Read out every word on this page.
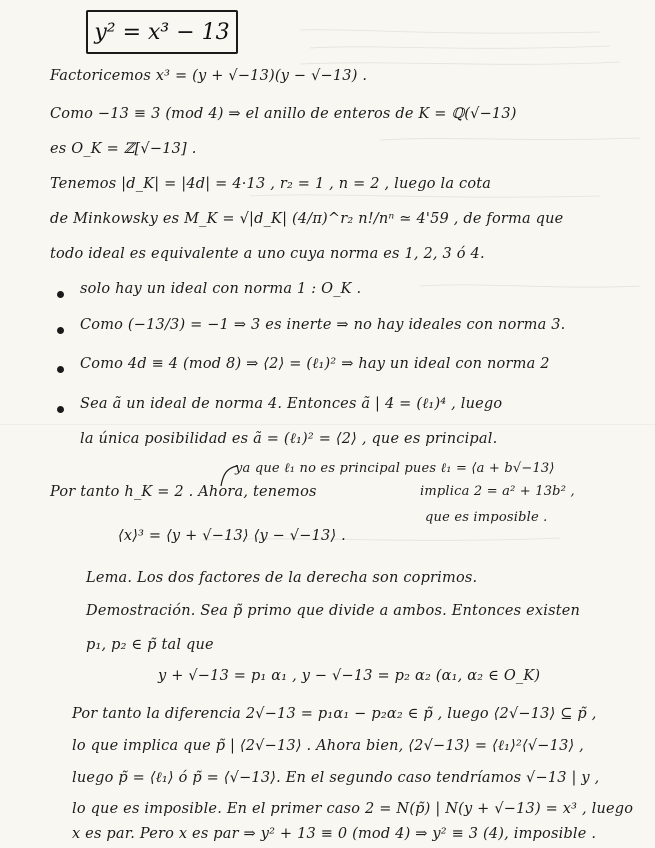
y² = x³ − 13
Factoricemos x³ = (y + √−13)(y − √−13) .
Como −13 ≡ 3 (mod 4) ⇒ el anillo de enteros de K = ℚ(√−13)
es O_K = ℤ[√−13] .
Tenemos |d_K| = |4d| = 4·13 , r₂ = 1 , n = 2 , luego la cota
de Minkowsky es M_K = √|d_K| (4/π)^r₂ n!/nⁿ ≃ 4'59 , de forma que
todo ideal es equivalente a uno cuya norma es 1, 2, 3 ó 4.
solo hay un ideal con norma 1 : O_K .
Como (−13/3) = −1 ⇒ 3 es inerte ⇒ no hay ideales con norma 3.
Como 4d ≡ 4 (mod 8) ⇒ ⟨2⟩ = (ℓ₁)² ⇒ hay un ideal con norma 2
Sea ã un ideal de norma 4. Entonces ã | 4 = (ℓ₁)⁴ , luego
la única posibilidad es ã = (ℓ₁)² = ⟨2⟩ , que es principal.
ya que ℓ₁ no es principal pues ℓ₁ = ⟨a + b√−13⟩
Por tanto h_K = 2 . Ahora, tenemos	implica 2 = a² + 13b² ,
que es imposible .
⟨x⟩³ = ⟨y + √−13⟩ ⟨y − √−13⟩ .
Lema. Los dos factores de la derecha son coprimos.
Demostración. Sea p̃ primo que divide a ambos. Entonces existen
p₁, p₂ ∈ p̃ tal que
y + √−13 = p₁ α₁ , y − √−13 = p₂ α₂ (α₁, α₂ ∈ O_K)
Por tanto la diferencia 2√−13 = p₁α₁ − p₂α₂ ∈ p̃ , luego ⟨2√−13⟩ ⊆ p̃ ,
lo que implica que p̃ | ⟨2√−13⟩ . Ahora bien, ⟨2√−13⟩ = ⟨ℓ₁⟩²⟨√−13⟩ ,
luego p̃ = ⟨ℓ₁⟩ ó p̃ = ⟨√−13⟩. En el segundo caso tendríamos √−13 | y ,
lo que es imposible. En el primer caso 2 = N(p̃) | N(y + √−13) = x³ , luego
x es par. Pero x es par ⇒ y² + 13 ≡ 0 (mod 4) ⇒ y² ≡ 3 (4), imposible .
